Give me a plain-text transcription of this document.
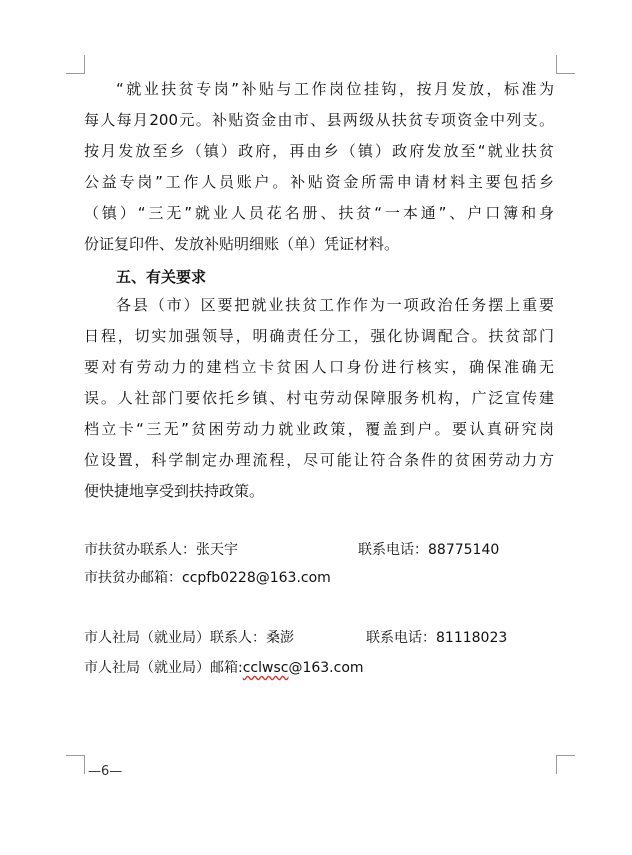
“就业扶贫专岗”补贴与工作岗位挂钩，按月发放，标准为
每人每月200元。补贴资金由市、县两级从扶贫专项资金中列支。
按月发放至乡（镇）政府，再由乡（镇）政府发放至“就业扶贫
公益专岗”工作人员账户。补贴资金所需申请材料主要包括乡
（镇）“三无”就业人员花名册、扶贫“一本通”、户口簿和身
份证复印件、发放补贴明细账（单）凭证材料。
五、有关要求
各县（市）区要把就业扶贫工作作为一项政治任务摆上重要
日程，切实加强领导，明确责任分工，强化协调配合。扶贫部门
要对有劳动力的建档立卡贫困人口身份进行核实，确保准确无
误。人社部门要依托乡镇、村屯劳动保障服务机构，广泛宣传建
档立卡“三无”贫困劳动力就业政策，覆盖到户。要认真研究岗
位设置，科学制定办理流程，尽可能让符合条件的贫困劳动力方
便快捷地享受到扶持政策。
市扶贫办联系人：张天宇	联系电话：88775140
市扶贫办邮箱：ccpfb0228@163.com
市人社局（就业局）联系人：桑澎	联系电话：81118023
市人社局（就业局）邮箱:cclwsc@163.com
—6—
